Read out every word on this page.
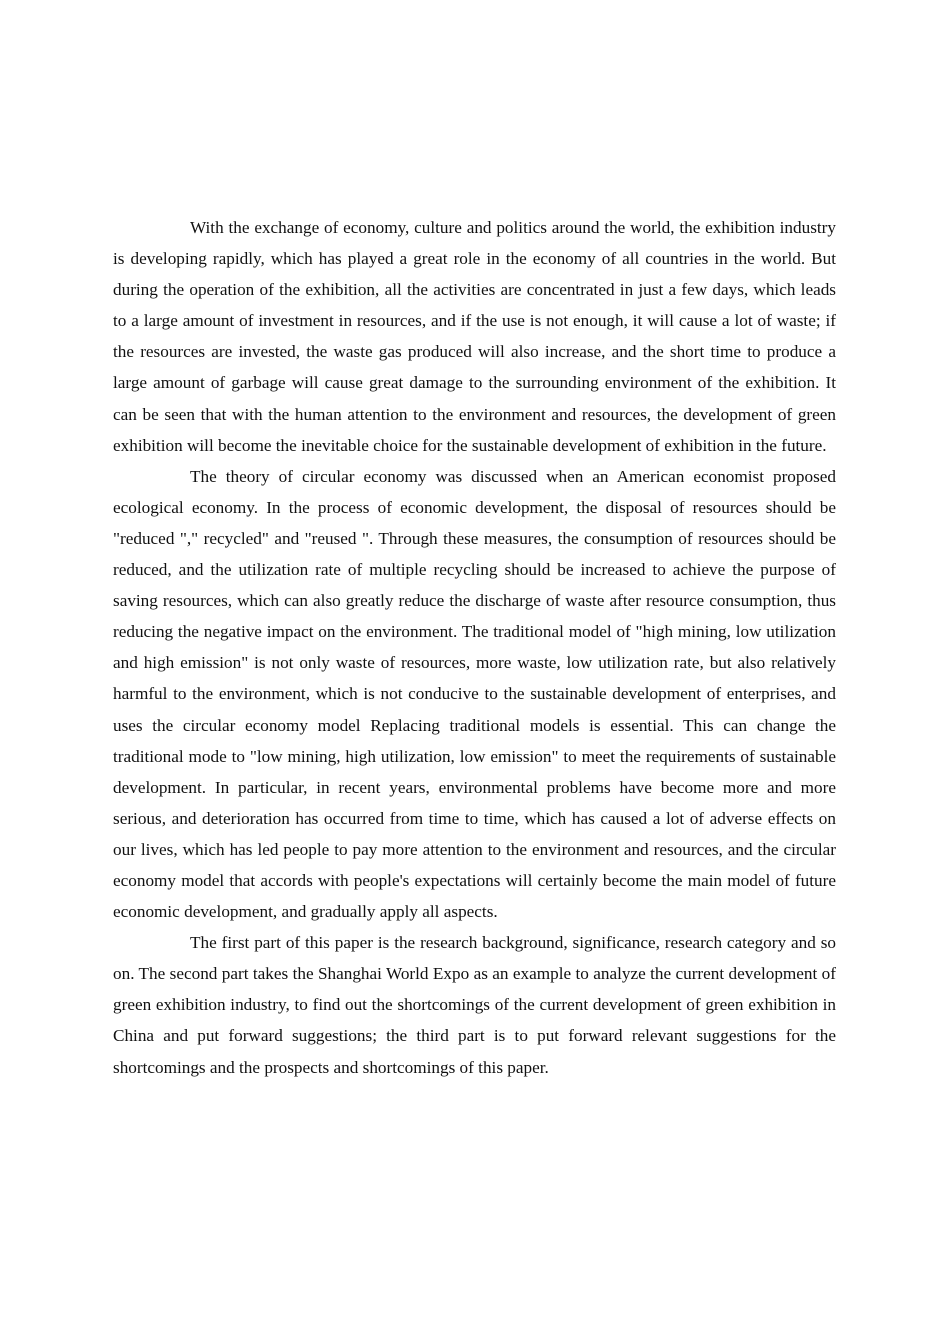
With the exchange of economy, culture and politics around the world, the exhibition industry is developing rapidly, which has played a great role in the economy of all countries in the world. But during the operation of the exhibition, all the activities are concentrated in just a few days, which leads to a large amount of investment in resources, and if the use is not enough, it will cause a lot of waste; if the resources are invested, the waste gas produced will also increase, and the short time to produce a large amount of garbage will cause great damage to the surrounding environment of the exhibition. It can be seen that with the human attention to the environment and resources, the development of green exhibition will become the inevitable choice for the sustainable development of exhibition in the future.

The theory of circular economy was discussed when an American economist proposed ecological economy. In the process of economic development, the disposal of resources should be "reduced "," recycled" and "reused ". Through these measures, the consumption of resources should be reduced, and the utilization rate of multiple recycling should be increased to achieve the purpose of saving resources, which can also greatly reduce the discharge of waste after resource consumption, thus reducing the negative impact on the environment. The traditional model of "high mining, low utilization and high emission" is not only waste of resources, more waste, low utilization rate, but also relatively harmful to the environment, which is not conducive to the sustainable development of enterprises, and uses the circular economy model Replacing traditional models is essential. This can change the traditional mode to "low mining, high utilization, low emission" to meet the requirements of sustainable development. In particular, in recent years, environmental problems have become more and more serious, and deterioration has occurred from time to time, which has caused a lot of adverse effects on our lives, which has led people to pay more attention to the environment and resources, and the circular economy model that accords with people's expectations will certainly become the main model of future economic development, and gradually apply all aspects.

The first part of this paper is the research background, significance, research category and so on. The second part takes the Shanghai World Expo as an example to analyze the current development of green exhibition industry, to find out the shortcomings of the current development of green exhibition in China and put forward suggestions; the third part is to put forward relevant suggestions for the shortcomings and the prospects and shortcomings of this paper.
